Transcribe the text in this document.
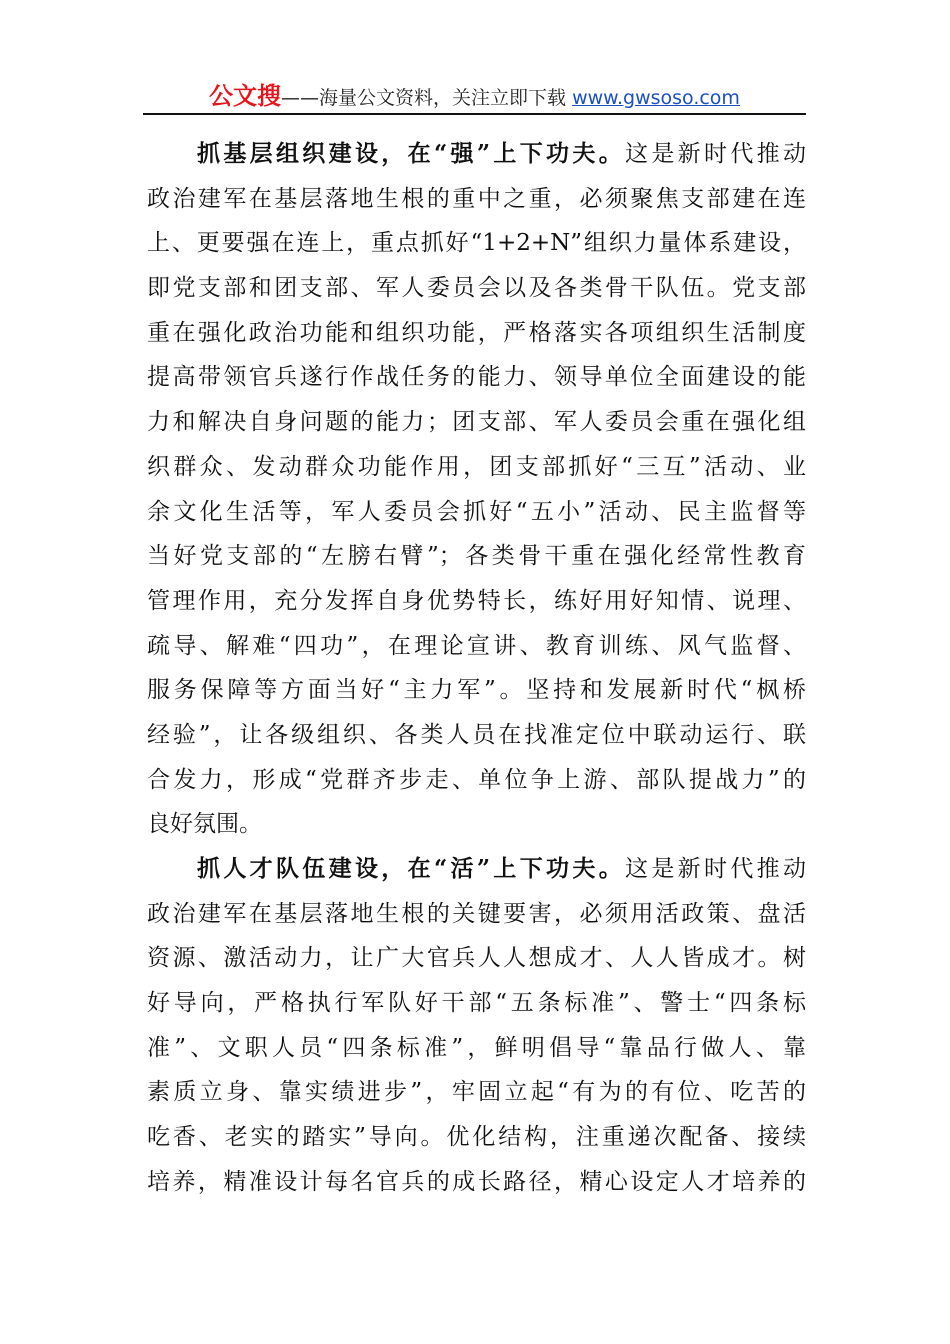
公文搜——海量公文资料，关注立即下载 www.gwsoso.com
抓基层组织建设，在“强”上下功夫。这是新时代推动
政治建军在基层落地生根的重中之重，必须聚焦支部建在连
上、更要强在连上，重点抓好“1+2+N”组织力量体系建设，
即党支部和团支部、军人委员会以及各类骨干队伍。党支部
重在强化政治功能和组织功能，严格落实各项组织生活制度
提高带领官兵遂行作战任务的能力、领导单位全面建设的能
力和解决自身问题的能力；团支部、军人委员会重在强化组
织群众、发动群众功能作用，团支部抓好“三互”活动、业
余文化生活等，军人委员会抓好“五小”活动、民主监督等
当好党支部的“左膀右臂”；各类骨干重在强化经常性教育
管理作用，充分发挥自身优势特长，练好用好知情、说理、
疏导、解难“四功”，在理论宣讲、教育训练、风气监督、
服务保障等方面当好“主力军”。坚持和发展新时代“枫桥
经验”，让各级组织、各类人员在找准定位中联动运行、联
合发力，形成“党群齐步走、单位争上游、部队提战力”的
良好氛围。
抓人才队伍建设，在“活”上下功夫。这是新时代推动
政治建军在基层落地生根的关键要害，必须用活政策、盘活
资源、激活动力，让广大官兵人人想成才、人人皆成才。树
好导向，严格执行军队好干部“五条标准”、警士“四条标
准”、文职人员“四条标准”，鲜明倡导“靠品行做人、靠
素质立身、靠实绩进步”，牢固立起“有为的有位、吃苦的
吃香、老实的踏实”导向。优化结构，注重递次配备、接续
培养，精准设计每名官兵的成长路径，精心设定人才培养的
